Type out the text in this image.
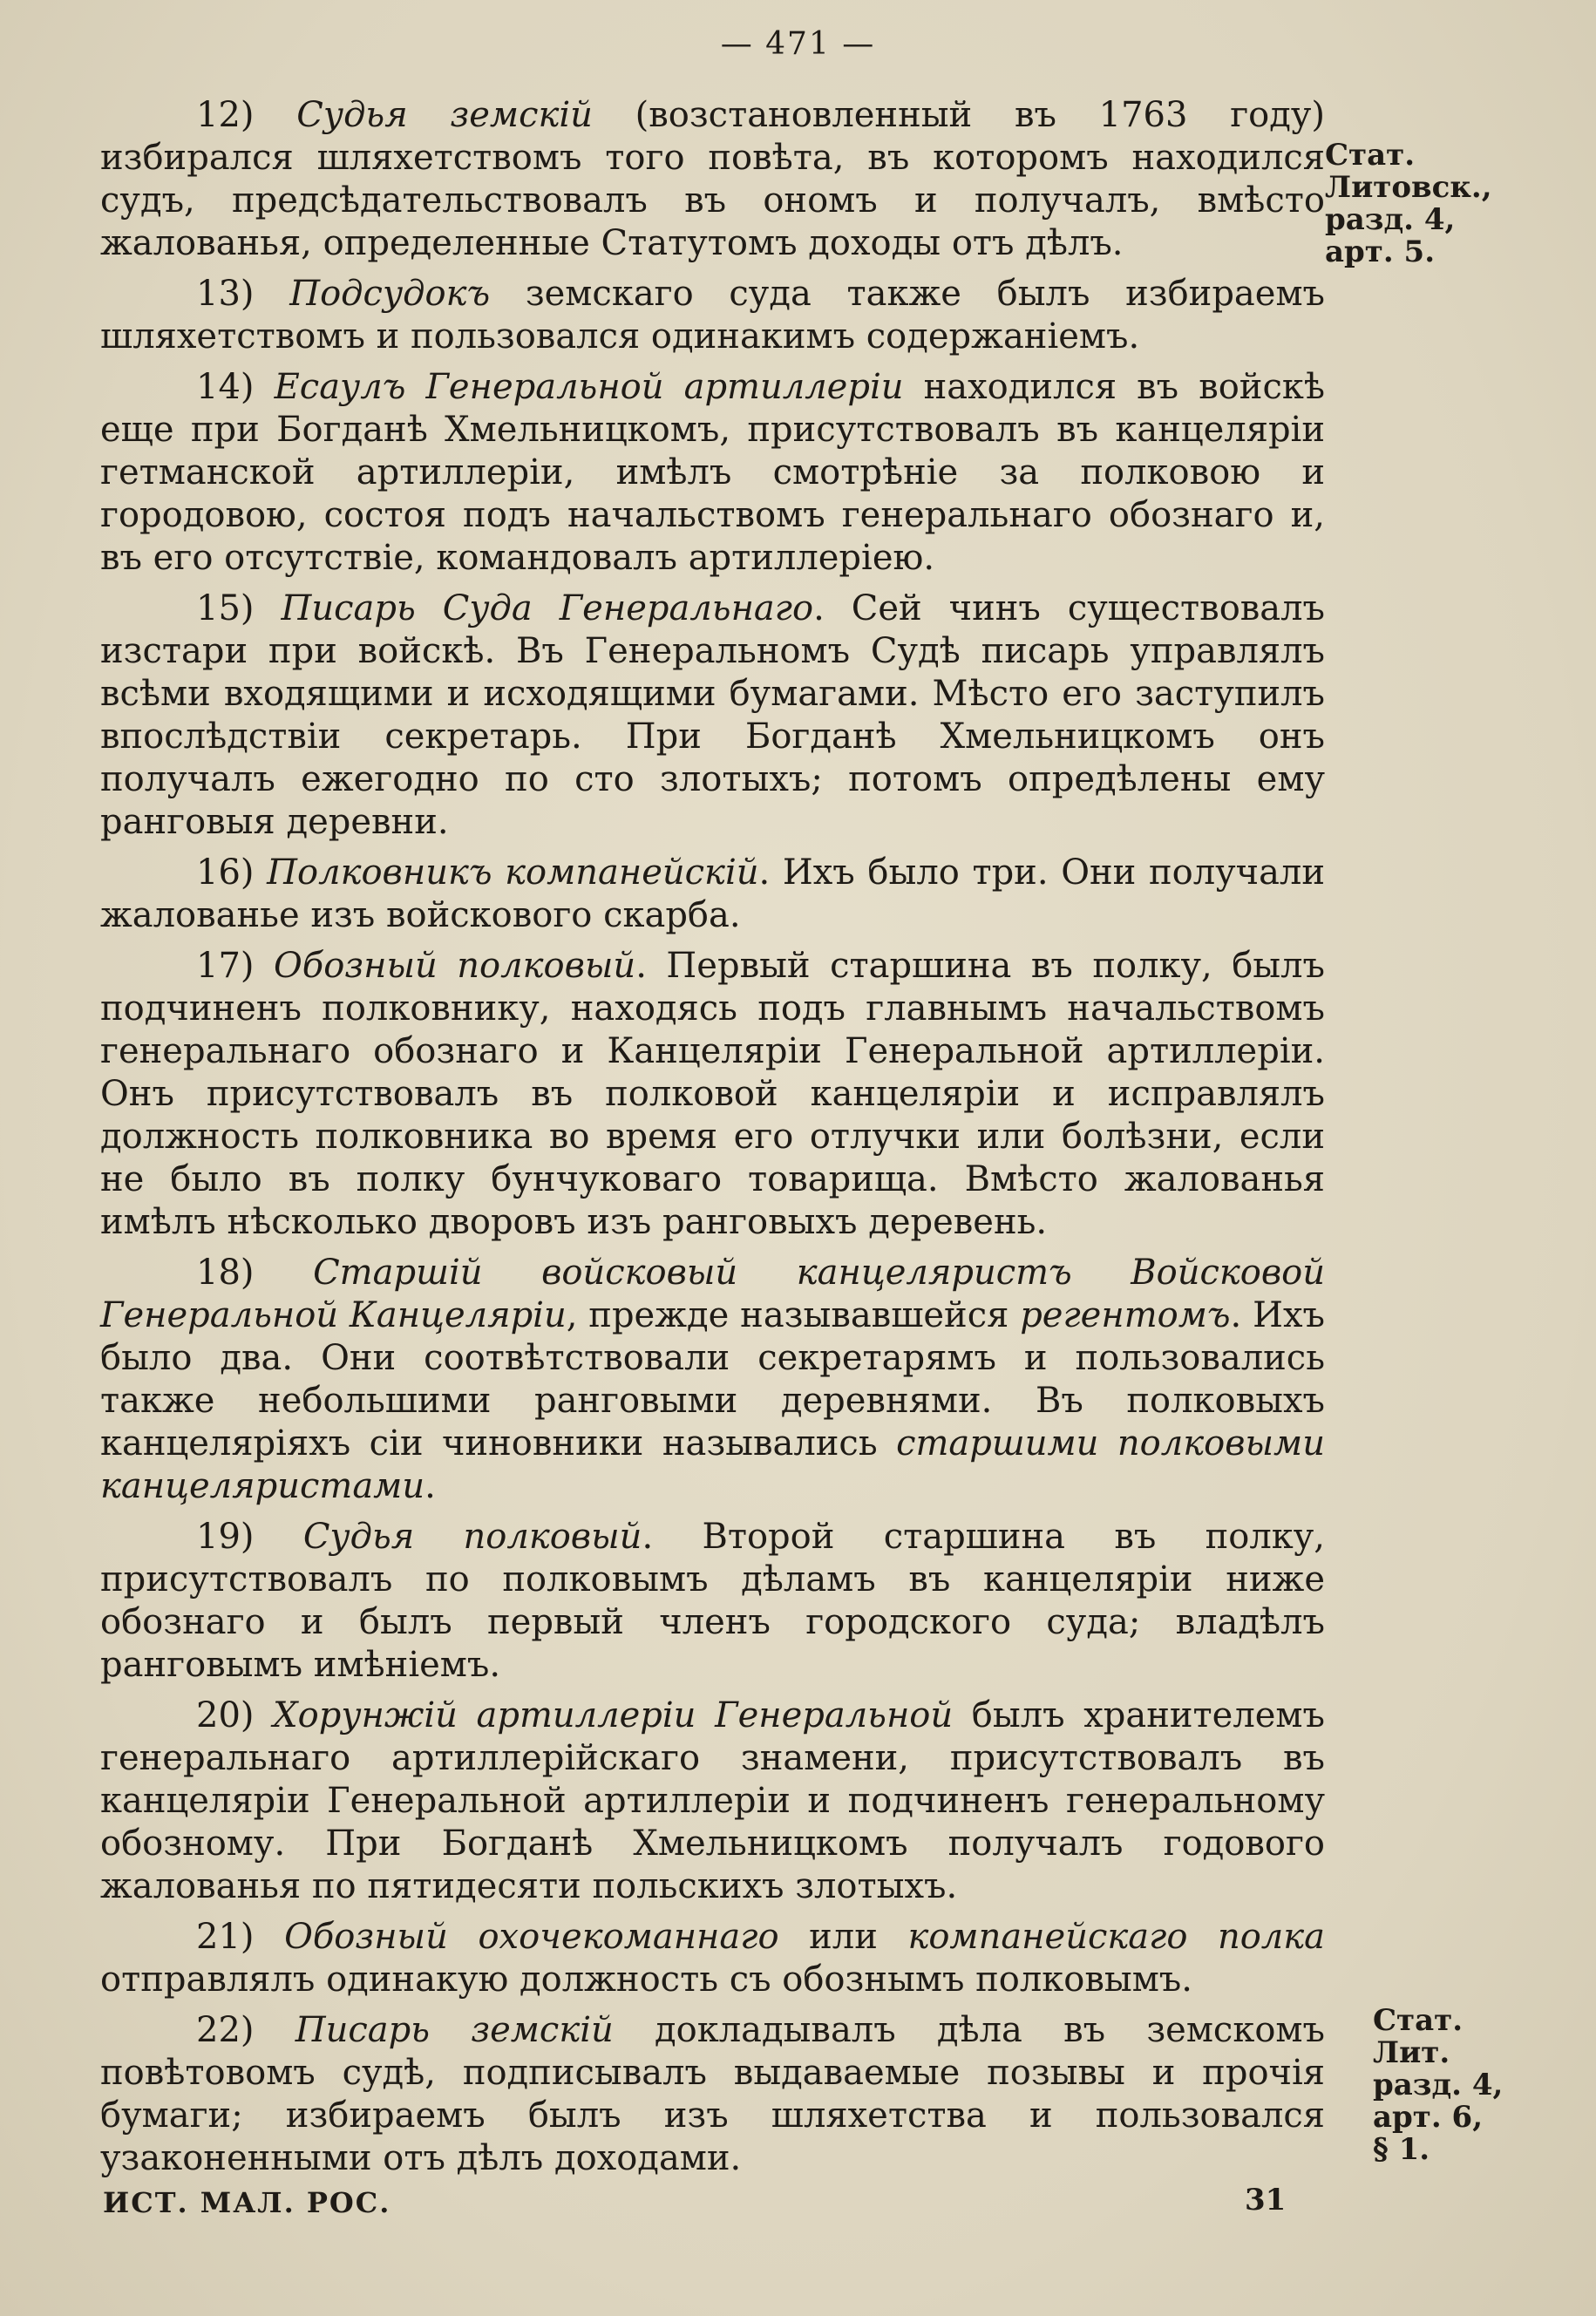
— 471 —

12) Судья земскій (возстановленный въ 1763 году) избирался шляхетствомъ того повѣта, въ которомъ находился судъ, предсѣдательствовалъ въ ономъ и получалъ, вмѣсто жалованья, определенные Статутомъ доходы отъ дѣлъ.

13) Подсудокъ земскаго суда также былъ избираемъ шляхетствомъ и пользовался одинакимъ содержаніемъ.

14) Есаулъ Генеральной артиллеріи находился въ войскѣ еще при Богданѣ Хмельницкомъ, присутствовалъ въ канцеляріи гетманской артиллеріи, имѣлъ смотрѣніе за полковою и городовою, состоя подъ начальствомъ генеральнаго обознаго и, въ его отсутствіе, командовалъ артиллеріею.

15) Писарь Суда Генеральнаго. Сей чинъ существовалъ изстари при войскѣ. Въ Генеральномъ Судѣ писарь управлялъ всѣми входящими и исходящими бумагами. Мѣсто его заступилъ впослѣдствіи секретарь. При Богданѣ Хмельницкомъ онъ получалъ ежегодно по сто злотыхъ; потомъ опредѣлены ему ранговыя деревни.

16) Полковникъ компанейскій. Ихъ было три. Они получали жалованье изъ войскового скарба.

17) Обозный полковый. Первый старшина въ полку, былъ подчиненъ полковнику, находясь подъ главнымъ начальствомъ генеральнаго обознаго и Канцеляріи Генеральной артиллеріи. Онъ присутствовалъ въ полковой канцеляріи и исправлялъ должность полковника во время его отлучки или болѣзни, если не было въ полку бунчуковаго товарища. Вмѣсто жалованья имѣлъ нѣсколько дворовъ изъ ранговыхъ деревень.

18) Старшій войсковый канцеляристъ Войсковой Генеральной Канцеляріи, прежде называвшейся регентомъ. Ихъ было два. Они соотвѣтствовали секретарямъ и пользовались также небольшими ранговыми деревнями. Въ полковыхъ канцеляріяхъ сіи чиновники назывались старшими полковыми канцеляристами.

19) Судья полковый. Второй старшина въ полку, присутствовалъ по полковымъ дѣламъ въ канцеляріи ниже обознаго и былъ первый членъ городского суда; владѣлъ ранговымъ имѣніемъ.

20) Хорунжій артиллеріи Генеральной былъ хранителемъ генеральнаго артиллерійскаго знамени, присутствовалъ въ канцеляріи Генеральной артиллеріи и подчиненъ генеральному обозному. При Богданѣ Хмельницкомъ получалъ годового жалованья по пятидесяти польскихъ злотыхъ.

21) Обозный охочекоманнаго или компанейскаго полка отправлялъ одинакую должность съ обознымъ полковымъ.

22) Писарь земскій докладывалъ дѣла въ земскомъ повѣтовомъ судѣ, подписывалъ выдаваемые позывы и прочія бумаги; избираемъ былъ изъ шляхетства и пользовался узаконенными отъ дѣлъ доходами.

Стат.
Литовск.,
разд. 4,
арт. 5.
Стат.
Лит.
разд. 4,
арт. 6,
§ 1.
ИСТ. МАЛ. РОС.	31
